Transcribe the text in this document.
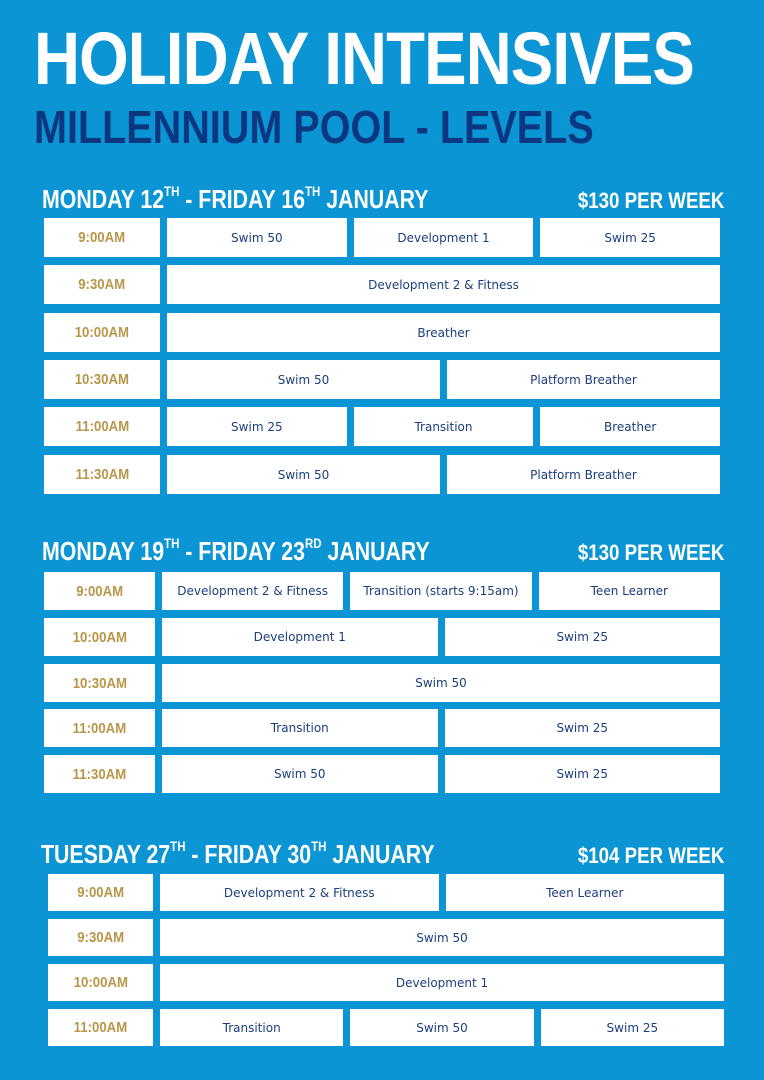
HOLIDAY INTENSIVES
MILLENNIUM POOL - LEVELS
MONDAY 12TH - FRIDAY 16TH JANUARY	$130 PER WEEK
9:00AM	Swim 50	Development 1	Swim 25
9:30AM	Development 2 & Fitness
10:00AM	Breather
10:30AM	Swim 50	Platform Breather
11:00AM	Swim 25	Transition	Breather
11:30AM	Swim 50	Platform Breather
MONDAY 19TH - FRIDAY 23RD JANUARY	$130 PER WEEK
9:00AM	Development 2 & Fitness	Transition (starts 9:15am)	Teen Learner
10:00AM	Development 1	Swim 25
10:30AM	Swim 50
11:00AM	Transition	Swim 25
11:30AM	Swim 50	Swim 25
TUESDAY 27TH - FRIDAY 30TH JANUARY	$104 PER WEEK
9:00AM	Development 2 & Fitness	Teen Learner
9:30AM	Swim 50
10:00AM	Development 1
11:00AM	Transition	Swim 50	Swim 25
